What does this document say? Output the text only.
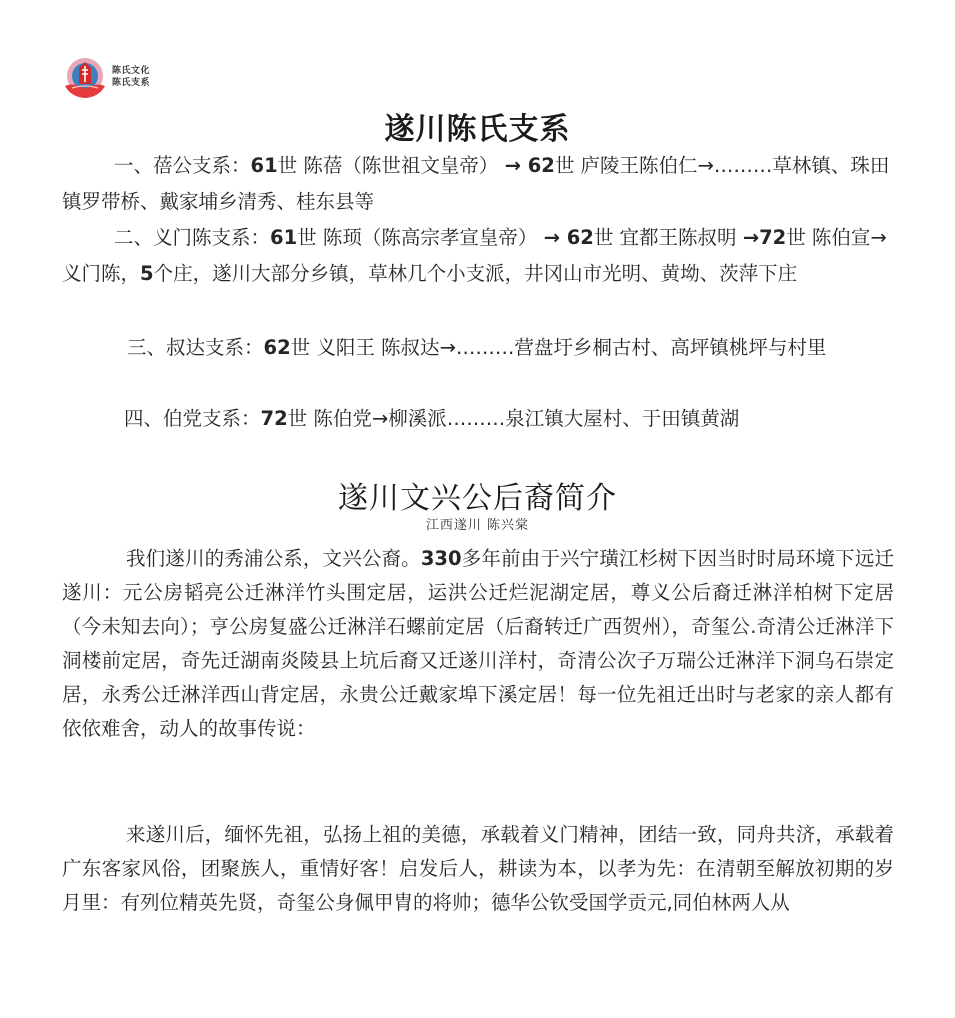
陈氏文化
陈氏支系
遂川陈氏支系
一、蓓公支系：61世 陈蓓（陈世祖文皇帝） → 62世 庐陵王陈伯仁→………草林镇、珠田镇罗带桥、戴家埔乡清秀、桂东县等
二、义门陈支系：61世 陈顼（陈高宗孝宣皇帝） → 62世 宜都王陈叔明 →72世 陈伯宣→义门陈，5个庄，遂川大部分乡镇，草林几个小支派，井冈山市光明、黄坳、茨萍下庄
三、叔达支系：62世 义阳王 陈叔达→………营盘圩乡桐古村、高坪镇桃坪与村里
四、伯党支系：72世 陈伯党→柳溪派………泉江镇大屋村、于田镇黄湖
遂川文兴公后裔简介
江西遂川 陈兴棠
我们遂川的秀浦公系，文兴公裔。330多年前由于兴宁璜江杉树下因当时时局环境下远迁遂川：元公房韬亮公迁淋洋竹头围定居，运洪公迁烂泥湖定居，尊义公后裔迁淋洋柏树下定居（今未知去向）；亨公房复盛公迁淋洋石螺前定居（后裔转迁广西贺州），奇玺公.奇清公迁淋洋下洞楼前定居，奇先迁湖南炎陵县上坑后裔又迁遂川洋村，奇清公次子万瑞公迁淋洋下洞乌石崇定居，永秀公迁淋洋西山背定居，永贵公迁戴家埠下溪定居！每一位先祖迁出时与老家的亲人都有依依难舍，动人的故事传说：
来遂川后，缅怀先祖，弘扬上祖的美德，承载着义门精神，团结一致，同舟共济，承载着广东客家风俗，团聚族人，重情好客！启发后人，耕读为本，以孝为先：在清朝至解放初期的岁月里：有列位精英先贤，奇玺公身佩甲胄的将帅；德华公钦受国学贡元,同伯林两人从
